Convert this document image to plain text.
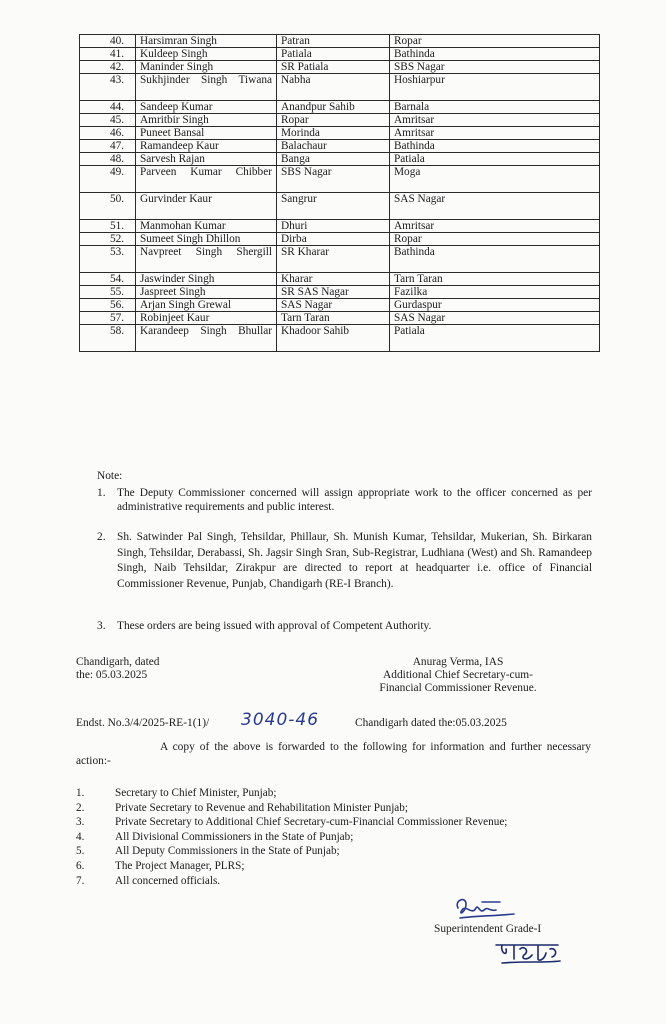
40.	Harsimran Singh	Patran	Ropar
41.	Kuldeep Singh	Patiala	Bathinda
42.	Maninder Singh	SR Patiala	SBS Nagar
43.	Sukhjinder Singh Tiwana	Nabha	Hoshiarpur
44.	Sandeep Kumar	Anandpur Sahib	Barnala
45.	Amritbir Singh	Ropar	Amritsar
46.	Puneet Bansal	Morinda	Amritsar
47.	Ramandeep Kaur	Balachaur	Bathinda
48.	Sarvesh Rajan	Banga	Patiala
49.	Parveen Kumar Chibber	SBS Nagar	Moga
50.	Gurvinder Kaur	Sangrur	SAS Nagar
51.	Manmohan Kumar	Dhuri	Amritsar
52.	Sumeet Singh Dhillon	Dirba	Ropar
53.	Navpreet Singh Shergill	SR Kharar	Bathinda
54.	Jaswinder Singh	Kharar	Tarn Taran
55.	Jaspreet Singh	SR SAS Nagar	Fazilka
56.	Arjan Singh Grewal	SAS Nagar	Gurdaspur
57.	Robinjeet Kaur	Tarn Taran	SAS Nagar
58.	Karandeep Singh Bhullar	Khadoor Sahib	Patiala
Note:
1.	The Deputy Commissioner concerned will assign appropriate work to the officer concerned as per administrative requirements and public interest.
2.	Sh. Satwinder Pal Singh, Tehsildar, Phillaur, Sh. Munish Kumar, Tehsildar, Mukerian, Sh. Birkaran Singh, Tehsildar, Derabassi, Sh. Jagsir Singh Sran, Sub-Registrar, Ludhiana (West) and Sh. Ramandeep Singh, Naib Tehsildar, Zirakpur are directed to report at headquarter i.e. office of Financial Commissioner Revenue, Punjab, Chandigarh (RE-I Branch).
3.	These orders are being issued with approval of Competent Authority.
Chandigarh, dated
the: 05.03.2025
Anurag Verma, IAS
Additional Chief Secretary-cum-
Financial Commissioner Revenue.
Endst. No.3/4/2025-RE-1(1)/ 3040-46	Chandigarh dated the:05.03.2025
A copy of the above is forwarded to the following for information and further necessary action:-
1.	Secretary to Chief Minister, Punjab;
2.	Private Secretary to Revenue and Rehabilitation Minister Punjab;
3.	Private Secretary to Additional Chief Secretary-cum-Financial Commissioner Revenue;
4.	All Divisional Commissioners in the State of Punjab;
5.	All Deputy Commissioners in the State of Punjab;
6.	The Project Manager, PLRS;
7.	All concerned officials.
Superintendent Grade-I
